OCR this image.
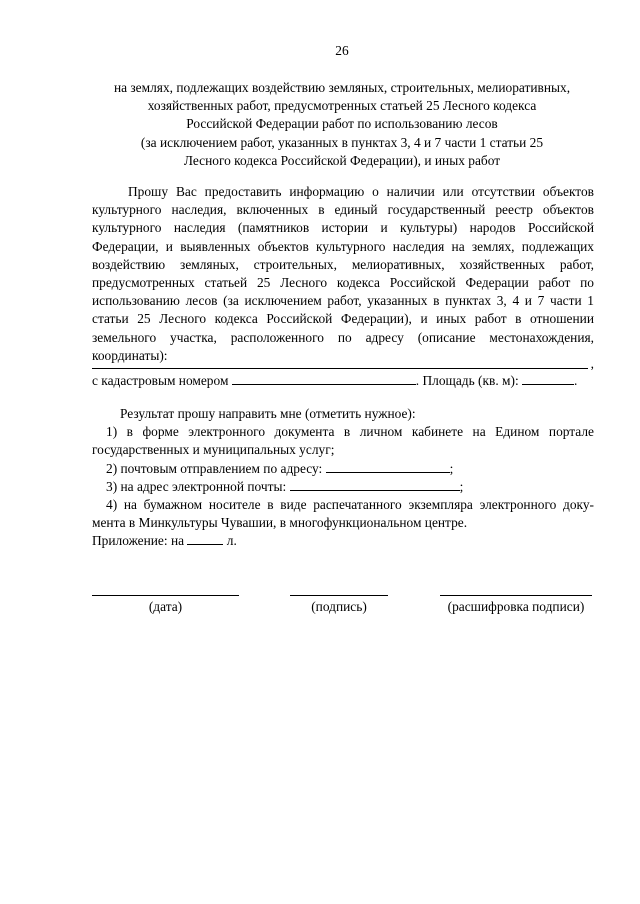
26
на землях, подлежащих воздействию земляных, строительных, мелиоративных,
хозяйственных работ, предусмотренных статьей 25 Лесного кодекса
Российской Федерации работ по использованию лесов
(за исключением работ, указанных в пунктах 3, 4 и 7 части 1 статьи 25
Лесного кодекса Российской Федерации), и иных работ
Прошу Вас предоставить информацию о наличии или отсутствии объектов
культурного наследия, включенных в единый государственный реестр объектов
культурного наследия (памятников истории и культуры) народов Российской
Федерации, и выявленных объектов культурного наследия на землях, подлежащих
воздействию земляных, строительных, мелиоративных, хозяйственных работ,
предусмотренных статьей 25 Лесного кодекса Российской Федерации работ по
использованию лесов (за исключением работ, указанных в пунктах 3, 4 и 7 части 1
статьи 25 Лесного кодекса Российской Федерации), и иных работ в отношении
земельного участка, расположенного по адресу (описание местонахождения,
координаты):
,
с кадастровым номером	. Площадь (кв. м):	.
Результат прошу направить мне (отметить нужное):
1) в форме электронного документа в личном кабинете на Едином портале
государственных и муниципальных услуг;
2) почтовым отправлением по адресу:	;
3) на адрес электронной почты:	;
4) на бумажном носителе в виде распечатанного экземпляра электронного доку-
мента в Минкультуры Чувашии, в многофункциональном центре.
Приложение: на	л.
(дата)	(подпись)	(расшифровка подписи)
